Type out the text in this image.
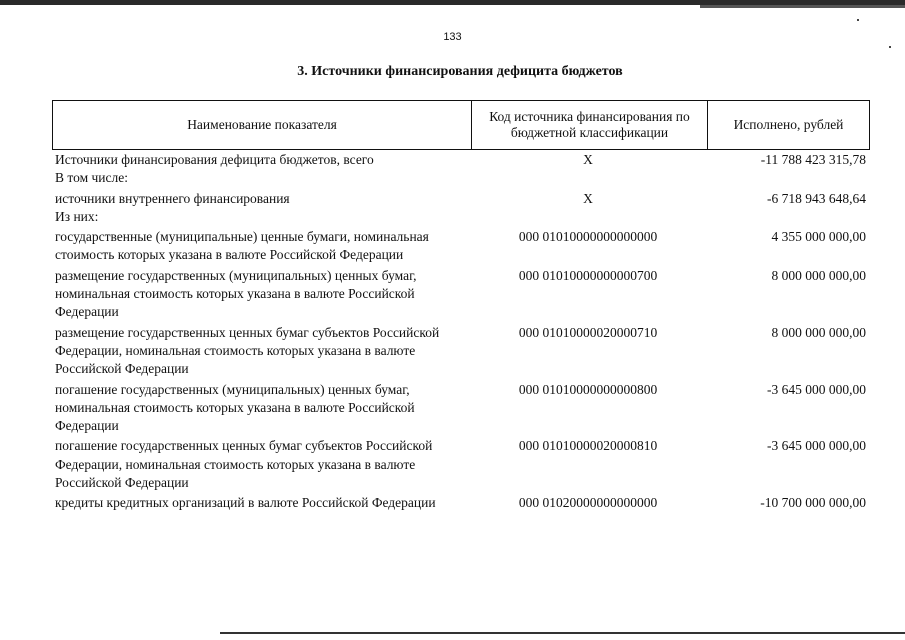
133
3. Источники финансирования дефицита бюджетов
Наименование показателя
Код источника финансирования по бюджетной классификации
Исполнено, рублей
Источники финансирования дефицита бюджетов, всего	X	-11 788 423 315,78
В том числе:
источники внутреннего финансирования	X	-6 718 943 648,64
Из них:
государственные (муниципальные) ценные бумаги, номинальная стоимость которых указана в валюте Российской Федерации
000 01010000000000000	4 355 000 000,00
размещение государственных (муниципальных) ценных бумаг, номинальная стоимость которых указана в валюте Российской Федерации
000 01010000000000700	8 000 000 000,00
размещение государственных ценных бумаг субъектов Российской Федерации, номинальная стоимость которых указана в валюте Российской Федерации
000 01010000020000710	8 000 000 000,00
погашение государственных (муниципальных) ценных бумаг, номинальная стоимость которых указана в валюте Российской Федерации
000 01010000000000800	-3 645 000 000,00
погашение государственных ценных бумаг субъектов Российской Федерации, номинальная стоимость которых указана в валюте Российской Федерации
000 01010000020000810	-3 645 000 000,00
кредиты кредитных организаций в валюте Российской Федерации	000 01020000000000000	-10 700 000 000,00
